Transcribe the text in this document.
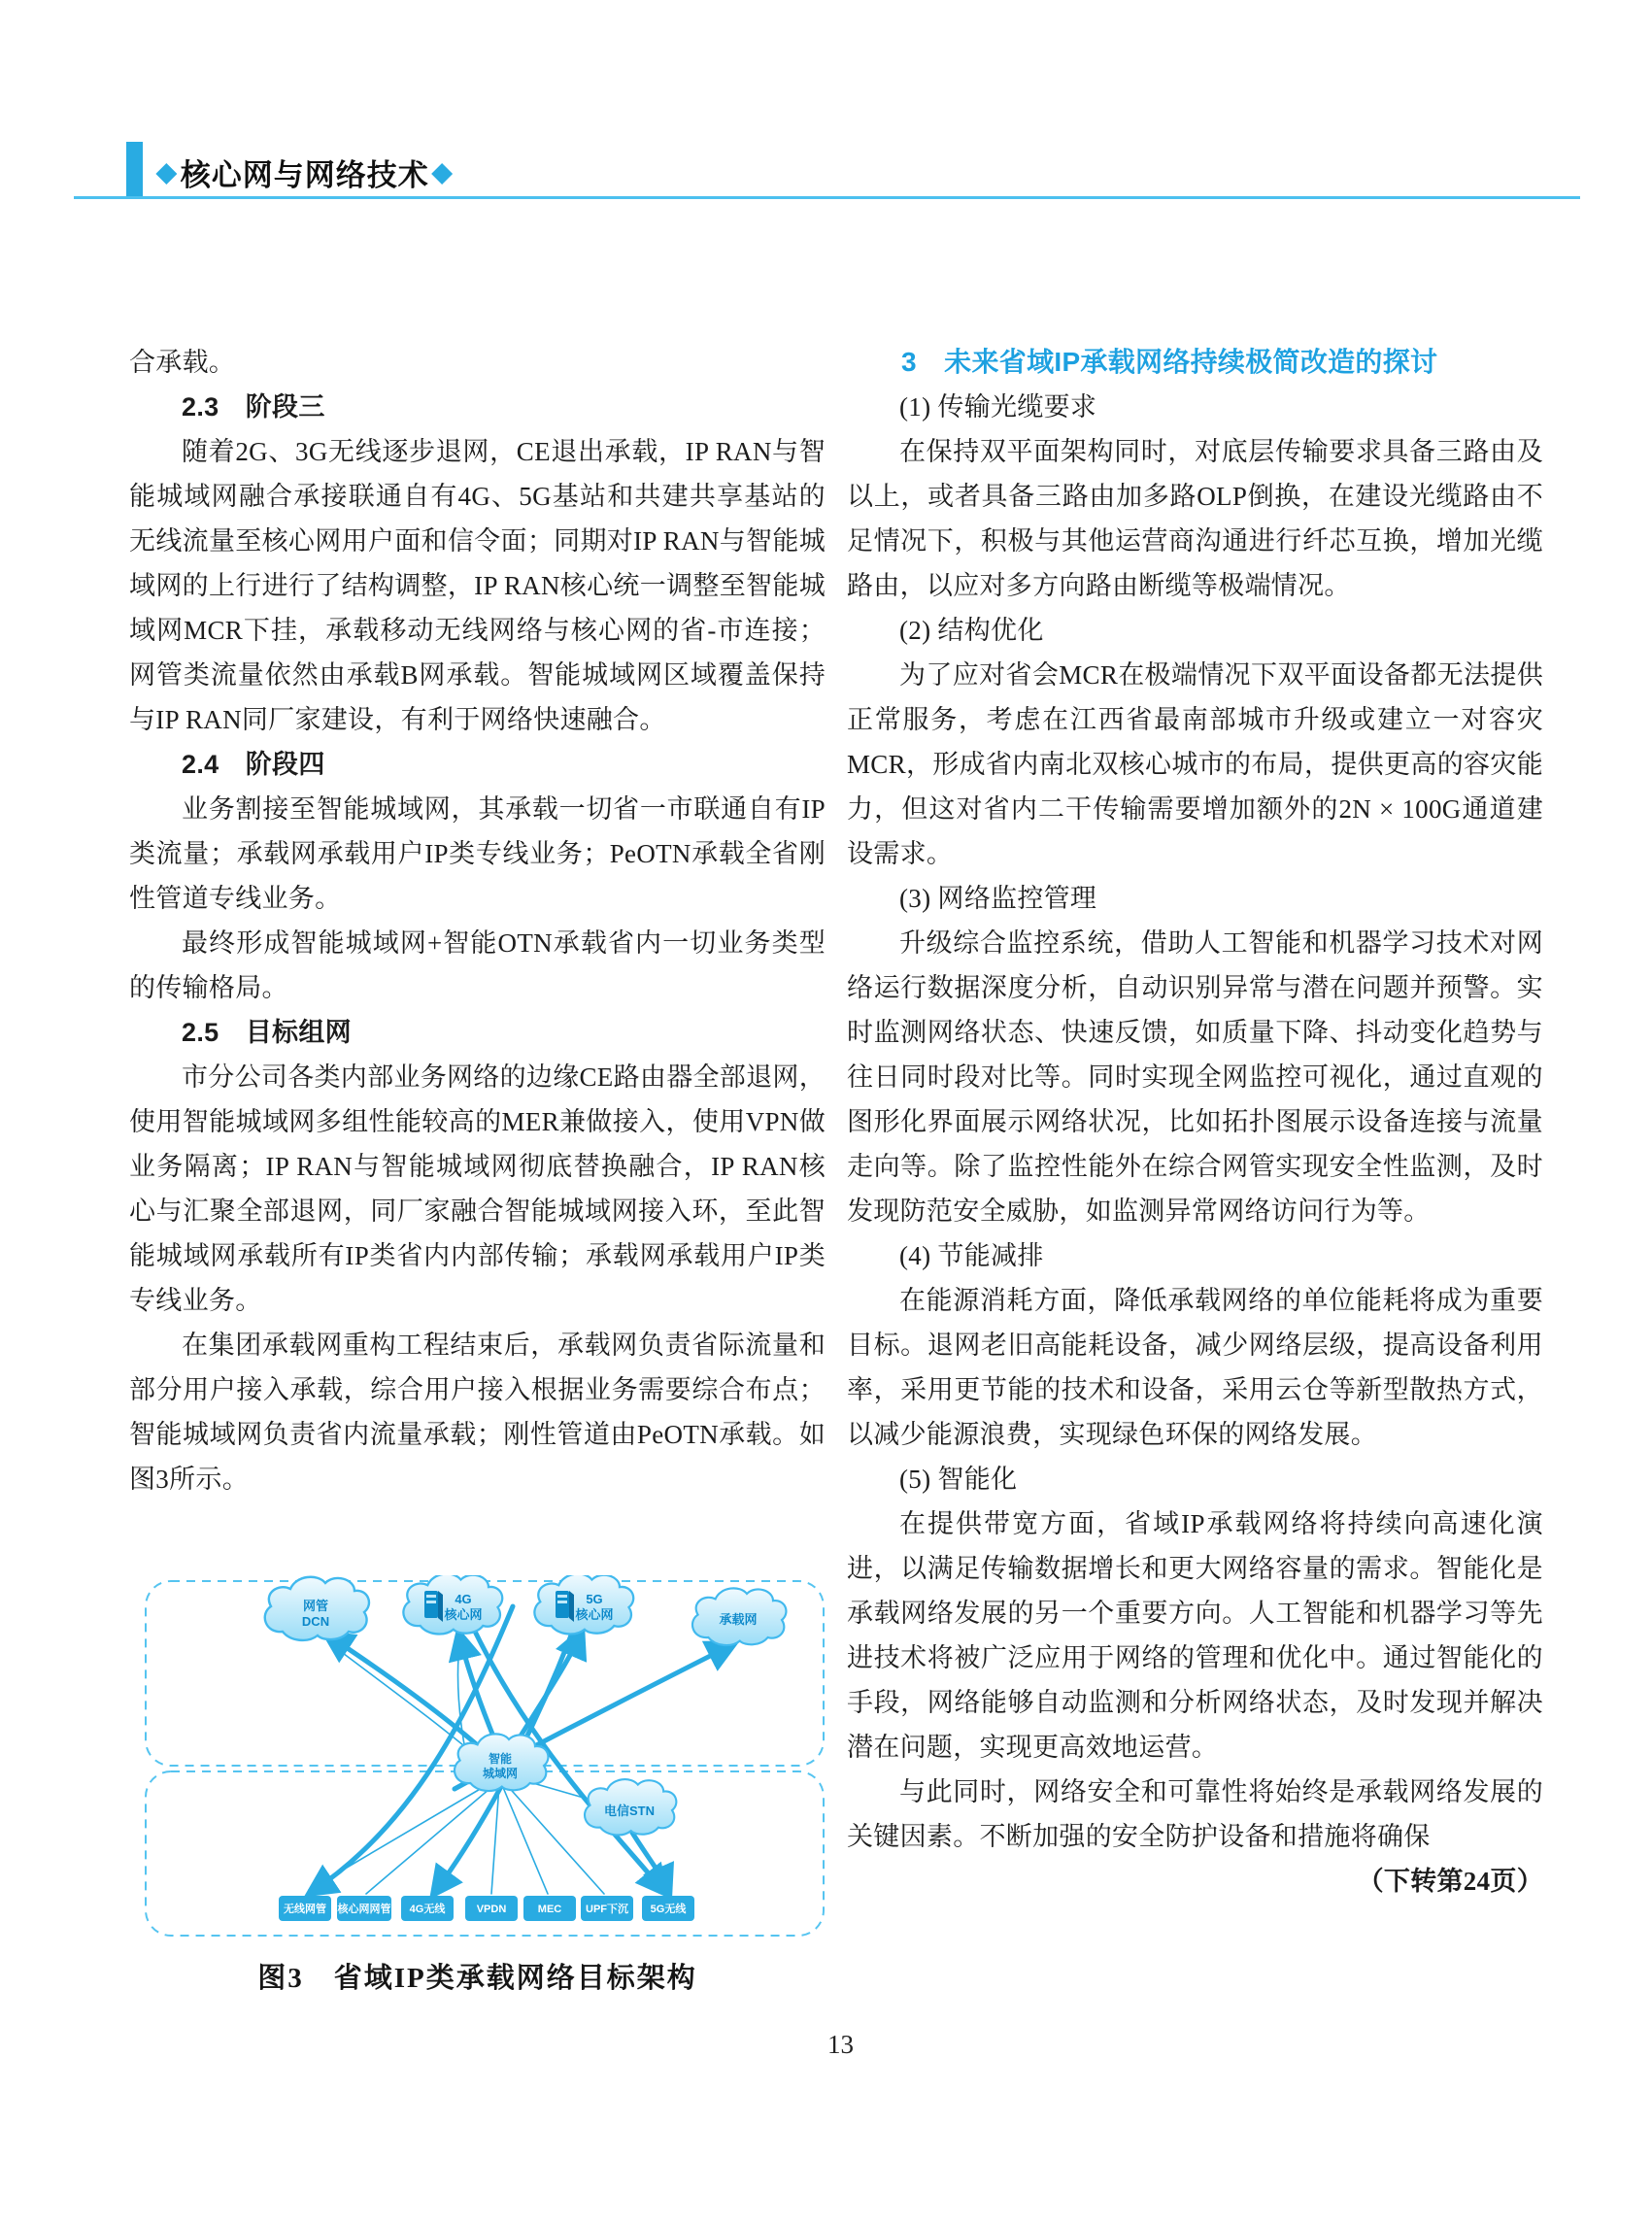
◆ 核心网与网络技术 ◆
合承载。
2.3　阶段三
随着2G、3G无线逐步退网，CE退出承载，IP RAN与智能城域网融合承接联通自有4G、5G基站和共建共享基站的无线流量至核心网用户面和信令面；同期对IP RAN与智能城域网的上行进行了结构调整，IP RAN核心统一调整至智能城域网MCR下挂，承载移动无线网络与核心网的省-市连接；网管类流量依然由承载B网承载。智能城域网区域覆盖保持与IP RAN同厂家建设，有利于网络快速融合。
2.4　阶段四
业务割接至智能城域网，其承载一切省一市联通自有IP类流量；承载网承载用户IP类专线业务；PeOTN承载全省刚性管道专线业务。
最终形成智能城域网+智能OTN承载省内一切业务类型的传输格局。
2.5　目标组网
市分公司各类内部业务网络的边缘CE路由器全部退网，使用智能城域网多组性能较高的MER兼做接入，使用VPN做业务隔离；IP RAN与智能城域网彻底替换融合，IP RAN核心与汇聚全部退网，同厂家融合智能城域网接入环，至此智能城域网承载所有IP类省内内部传输；承载网承载用户IP类专线业务。
在集团承载网重构工程结束后，承载网负责省际流量和部分用户接入承载，综合用户接入根据业务需要综合布点；智能城域网负责省内流量承载；刚性管道由PeOTN承载。如图3所示。
网管
DCN
4G
核心网
5G
核心网	承载网
智能
城域网
电信STN
无线网管 核心网网管 4G无线	VPDN	MEC UPF下沉 5G无线
图3　省域IP类承载网络目标架构
3　未来省域IP承载网络持续极简改造的探讨
(1) 传输光缆要求
在保持双平面架构同时，对底层传输要求具备三路由及以上，或者具备三路由加多路OLP倒换，在建设光缆路由不足情况下，积极与其他运营商沟通进行纤芯互换，增加光缆路由，以应对多方向路由断缆等极端情况。
(2) 结构优化
为了应对省会MCR在极端情况下双平面设备都无法提供正常服务，考虑在江西省最南部城市升级或建立一对容灾MCR，形成省内南北双核心城市的布局，提供更高的容灾能力，但这对省内二干传输需要增加额外的2N × 100G通道建设需求。
(3) 网络监控管理
升级综合监控系统，借助人工智能和机器学习技术对网络运行数据深度分析，自动识别异常与潜在问题并预警。实时监测网络状态、快速反馈，如质量下降、抖动变化趋势与往日同时段对比等。同时实现全网监控可视化，通过直观的图形化界面展示网络状况，比如拓扑图展示设备连接与流量走向等。除了监控性能外在综合网管实现安全性监测，及时发现防范安全威胁，如监测异常网络访问行为等。
(4) 节能减排
在能源消耗方面，降低承载网络的单位能耗将成为重要目标。退网老旧高能耗设备，减少网络层级，提高设备利用率，采用更节能的技术和设备，采用云仓等新型散热方式，以减少能源浪费，实现绿色环保的网络发展。
(5) 智能化
在提供带宽方面，省域IP承载网络将持续向高速化演进，以满足传输数据增长和更大网络容量的需求。智能化是承载网络发展的另一个重要方向。人工智能和机器学习等先进技术将被广泛应用于网络的管理和优化中。通过智能化的手段，网络能够自动监测和分析网络状态，及时发现并解决潜在问题，实现更高效地运营。
与此同时，网络安全和可靠性将始终是承载网络发展的关键因素。不断加强的安全防护设备和措施将确保
（下转第24页）
13
